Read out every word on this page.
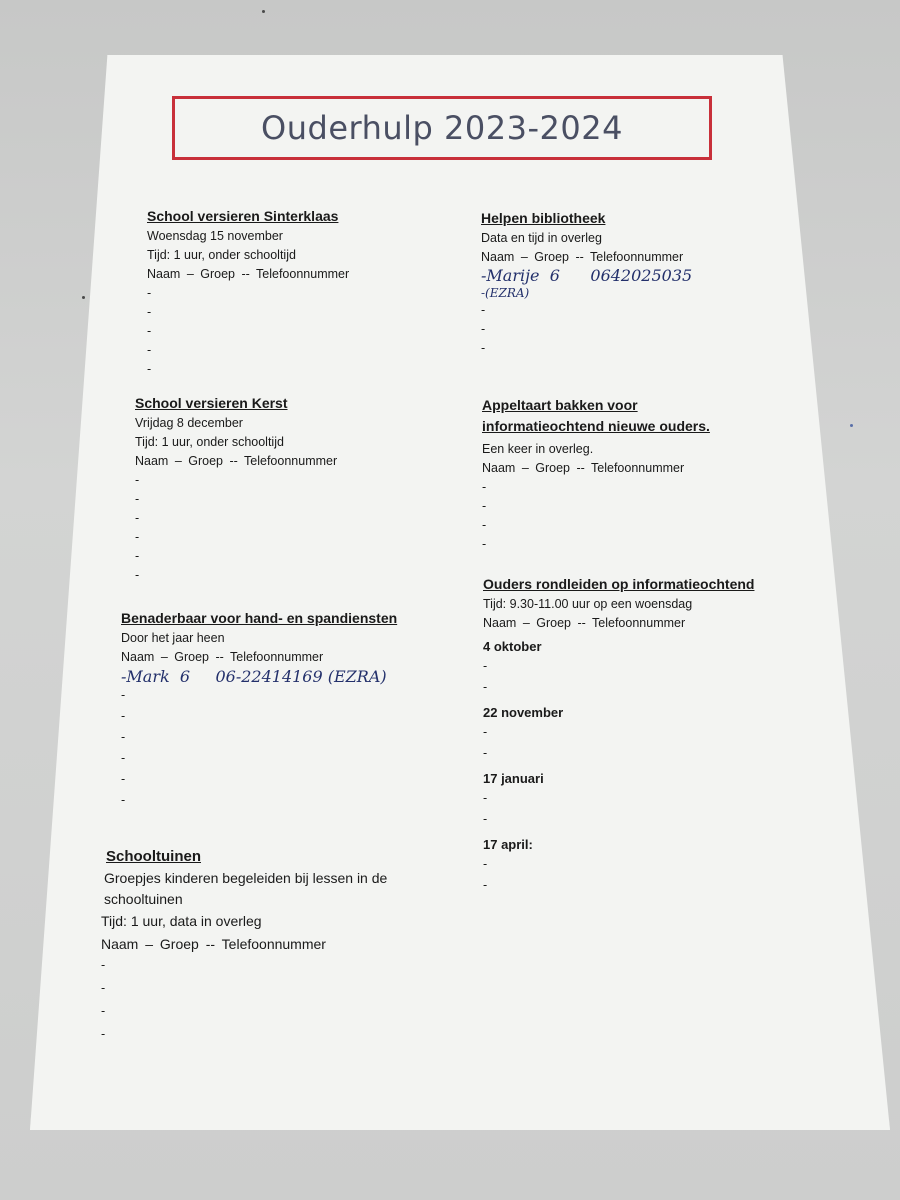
Ouderhulp 2023-2024
School versieren Sinterklaas
Woensdag 15 november
Tijd: 1 uur, onder schooltijd
Naam – Groep -- Telefoonnummer
-
-
-
-
-
School versieren Kerst
Vrijdag 8 december
Tijd: 1 uur, onder schooltijd
Naam – Groep -- Telefoonnummer
-
-
-
-
-
-
Benaderbaar voor hand- en spandiensten
Door het jaar heen
Naam – Groep -- Telefoonnummer
-Mark  6     06-22414169 (EZRA)
-
-
-
-
-
-
Schooltuinen
Groepjes kinderen begeleiden bij lessen in de
schooltuinen
Tijd: 1 uur, data in overleg
Naam – Groep -- Telefoonnummer
-
-
-
-
Helpen bibliotheek
Data en tijd in overleg
Naam – Groep -- Telefoonnummer
-Marije  6      0642025035
-(EZRA)
-
-
-
Appeltaart bakken voor
informatieochtend nieuwe ouders.
Een keer in overleg.
Naam – Groep -- Telefoonnummer
-
-
-
-
Ouders rondleiden op informatieochtend
Tijd: 9.30-11.00 uur op een woensdag
Naam – Groep -- Telefoonnummer
4 oktober
-
-
22 november
-
-
17 januari
-
-
17 april:
-
-
